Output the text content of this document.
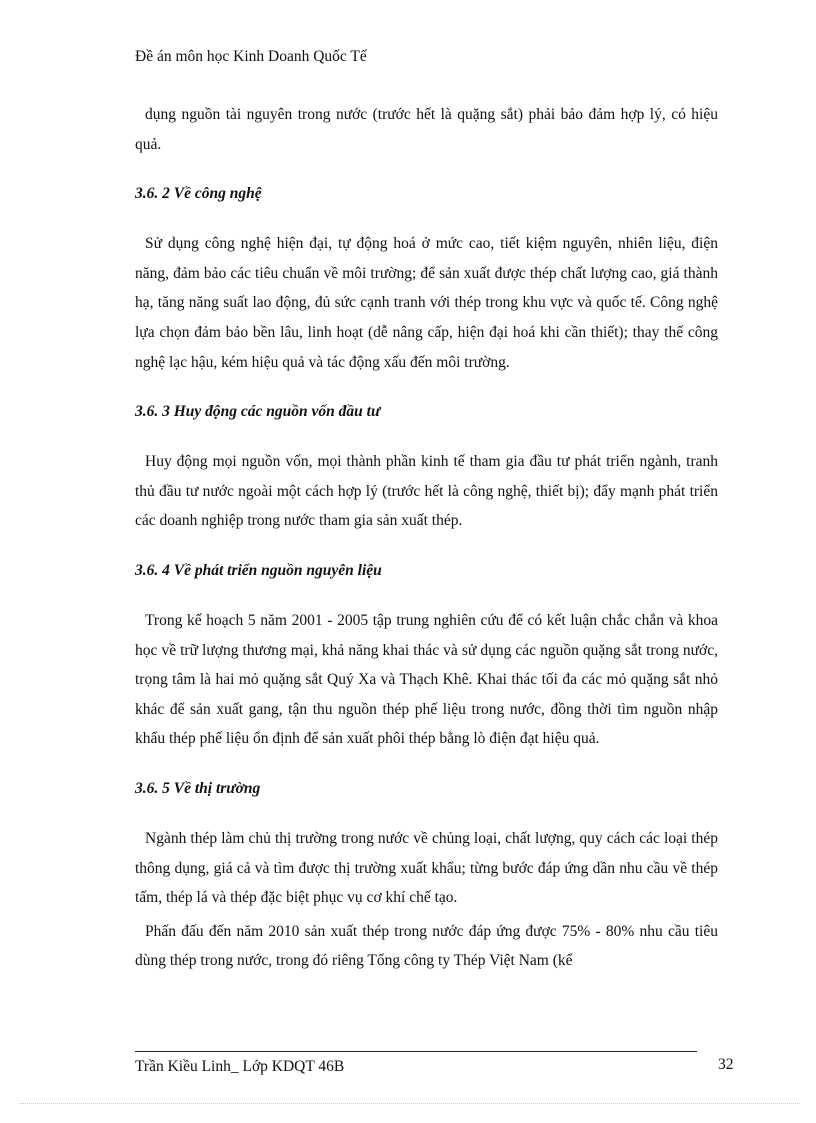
Đề án môn học Kinh Doanh Quốc Tế

dụng nguồn tài nguyên trong nước (trước hết là quặng sắt) phải bảo đảm hợp lý, có hiệu quả.

3.6. 2 Về công nghệ

Sử dụng công nghệ hiện đại, tự động hoá ở mức cao, tiết kiệm nguyên, nhiên liệu, điện năng, đảm bảo các tiêu chuẩn về môi trường; để sản xuất được thép chất lượng cao, giá thành hạ, tăng năng suất lao động, đủ sức cạnh tranh với thép trong khu vực và quốc tế. Công nghệ lựa chọn đảm bảo bền lâu, linh hoạt (dễ nâng cấp, hiện đại hoá khi cần thiết); thay thế công nghệ lạc hậu, kém hiệu quả và tác động xấu đến môi trường.

3.6. 3 Huy động các nguồn vốn đầu tư

Huy động mọi nguồn vốn, mọi thành phần kinh tế tham gia đầu tư phát triển ngành, tranh thủ đầu tư nước ngoài một cách hợp lý (trước hết là công nghệ, thiết bị); đẩy mạnh phát triển các doanh nghiệp trong nước tham gia sản xuất thép.

3.6. 4 Về phát triển nguồn nguyên liệu

Trong kế hoạch 5 năm 2001 - 2005 tập trung nghiên cứu để có kết luận chắc chắn và khoa học về trữ lượng thương mại, khả năng khai thác và sử dụng các nguồn quặng sắt trong nước, trọng tâm là hai mỏ quặng sắt Quý Xa và Thạch Khê. Khai thác tối đa các mỏ quặng sắt nhỏ khác để sản xuất gang, tận thu nguồn thép phế liệu trong nước, đồng thời tìm nguồn nhập khẩu thép phế liệu ổn định để sản xuất phôi thép bằng lò điện đạt hiệu quả.

3.6. 5 Về thị trường

Ngành thép làm chủ thị trường trong nước về chủng loại, chất lượng, quy cách các loại thép thông dụng, giá cả và tìm được thị trường xuất khẩu; từng bước đáp ứng dần nhu cầu về thép tấm, thép lá và thép đặc biệt phục vụ cơ khí chế tạo.

Phấn đấu đến năm 2010 sản xuất thép trong nước đáp ứng được 75% - 80% nhu cầu tiêu dùng thép trong nước, trong đó riêng Tổng công ty Thép Việt Nam (kể

Trần Kiều Linh_ Lớp KDQT 46B	32
